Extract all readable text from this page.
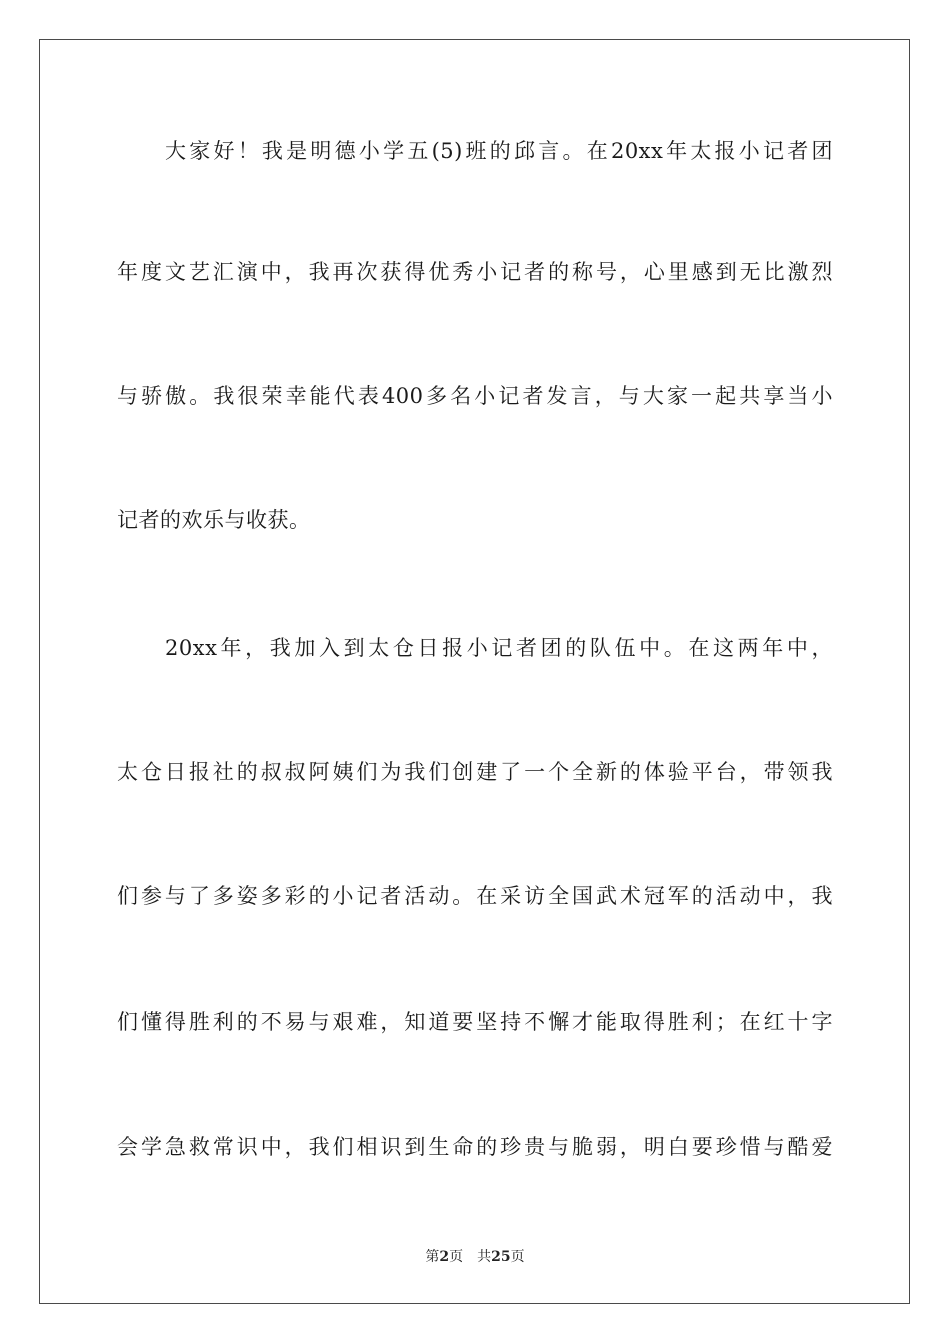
大家好！我是明德小学五(5)班的邱言。在20xx年太报小记者团
年度文艺汇演中，我再次获得优秀小记者的称号，心里感到无比激烈
与骄傲。我很荣幸能代表400多名小记者发言，与大家一起共享当小
记者的欢乐与收获。
20xx年，我加入到太仓日报小记者团的队伍中。在这两年中，
太仓日报社的叔叔阿姨们为我们创建了一个全新的体验平台，带领我
们参与了多姿多彩的小记者活动。在采访全国武术冠军的活动中，我
们懂得胜利的不易与艰难，知道要坚持不懈才能取得胜利；在红十字
会学急救常识中，我们相识到生命的珍贵与脆弱，明白要珍惜与酷爱
第2页 共25页
